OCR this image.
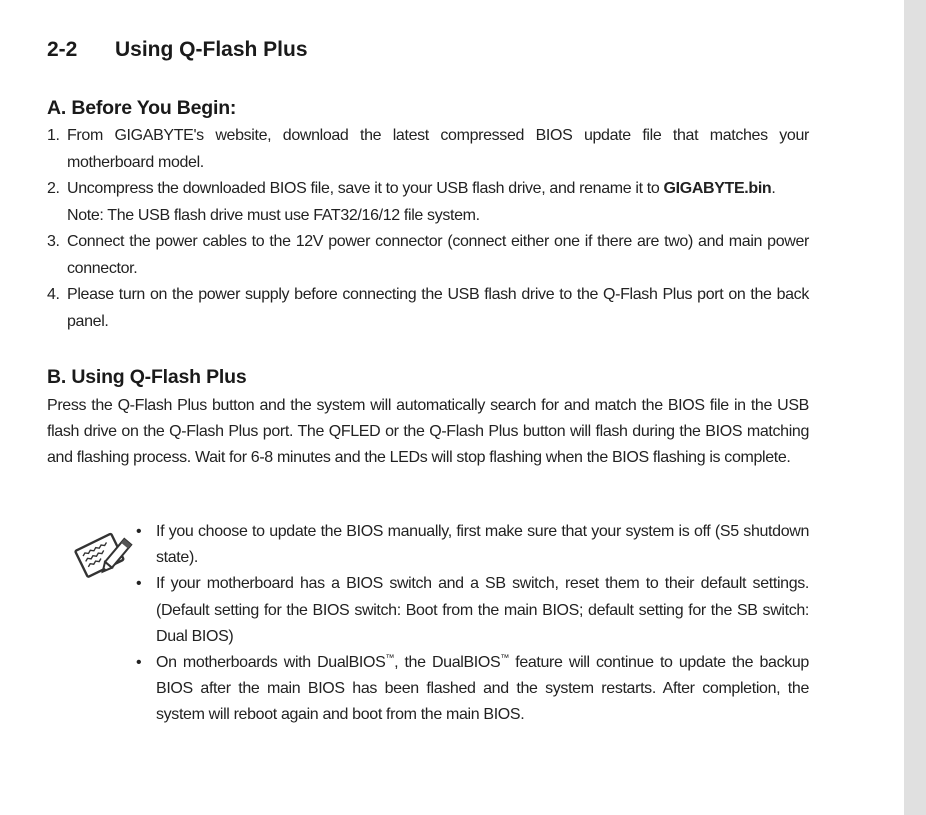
2-2 Using Q-Flash Plus
A. Before You Begin:
1. From GIGABYTE's website, download the latest compressed BIOS update file that matches your motherboard model.
2. Uncompress the downloaded BIOS file, save it to your USB flash drive, and rename it to GIGABYTE.bin.
Note: The USB flash drive must use FAT32/16/12 file system.
3. Connect the power cables to the 12V power connector (connect either one if there are two) and main power connector.
4. Please turn on the power supply before connecting the USB flash drive to the Q-Flash Plus port on the back panel.
B. Using Q-Flash Plus

Press the Q-Flash Plus button and the system will automatically search for and match the BIOS file in the USB flash drive on the Q-Flash Plus port. The QFLED or the Q-Flash Plus button will flash during the BIOS matching and flashing process. Wait for 6-8 minutes and the LEDs will stop flashing when the BIOS flashing is complete.

• If you choose to update the BIOS manually, first make sure that your system is off (S5 shutdown state).
• If your motherboard has a BIOS switch and a SB switch, reset them to their default settings. (Default setting for the BIOS switch: Boot from the main BIOS; default setting for the SB switch: Dual BIOS)
• On motherboards with DualBIOS™, the DualBIOS™ feature will continue to update the backup BIOS after the main BIOS has been flashed and the system restarts. After completion, the system will reboot again and boot from the main BIOS.
